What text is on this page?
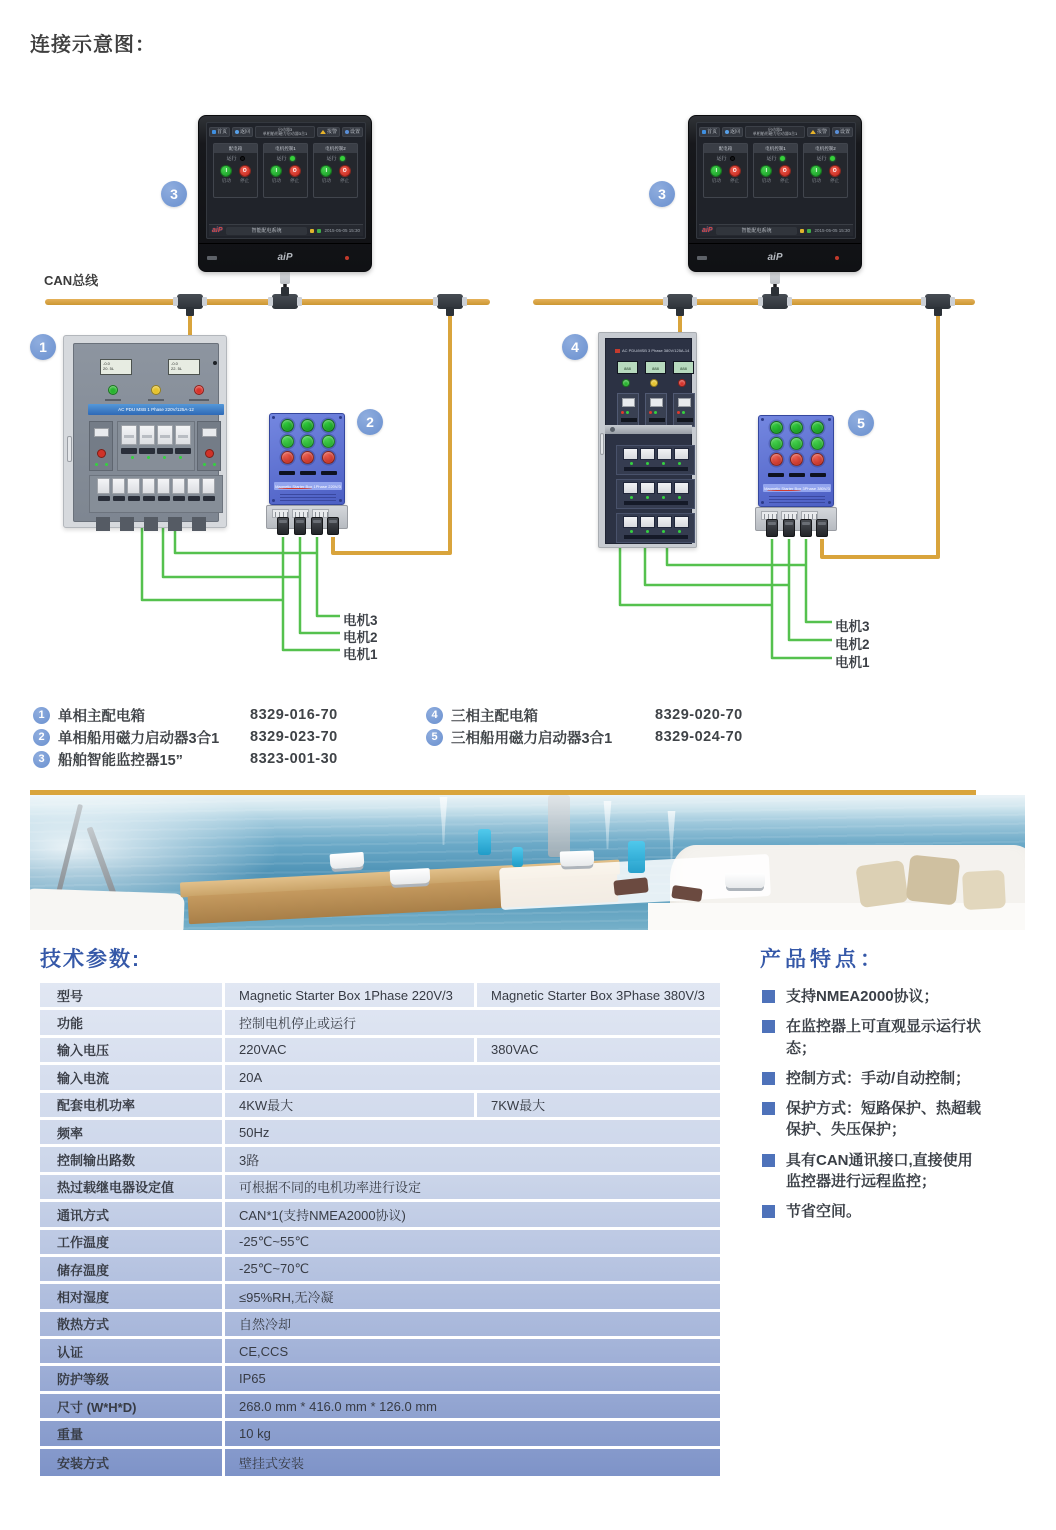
连接示意图：
CAN总线
首页	返回	启动器3
单相船用磁力启动器3合1	报警	设置
配电箱
运行
I
启动
O
停止
电机控制1
运行
I
启动
O
停止
电机控制2
运行
I
启动
O
停止
aiP	智能配电系统	2015-05-05 15:30
aiP
首页	返回	启动器3
单相船用磁力启动器3合1	报警	设置
配电箱
运行
I
启动
O
停止
电机控制1
运行
I
启动
O
停止
电机控制2
运行
I
启动
O
停止
aiP	智能配电系统	2015-05-05 15:30
aiP
-0.0
20. 5L
-0.0
22. 5L
AC PDU MSB 1 Phase 220V/125A-12
AC PDU/MSB 3 Phase 380V/125A-14
888	888	888
Magnetic Starter Box 1Phase 220V/3	Magnetic Starter Box 3Phase 380V/3
1
2
3	3
4
5
电机3
电机2
电机1
电机3
电机2
电机1
1 单相主配电箱	8329-016-70
2 单相船用磁力启动器3合1 8329-023-70
3 船舶智能监控器15”	8323-001-30
4 三相主配电箱	8329-020-70
5 三相船用磁力启动器3合1	8329-024-70
技术参数:
型号	Magnetic Starter Box 1Phase 220V/3	Magnetic Starter Box 3Phase 380V/3
功能	控制电机停止或运行
输入电压	220VAC	380VAC
输入电流	20A
配套电机功率	4KW最大	7KW最大
频率	50Hz
控制输出路数	3路
热过载继电器设定值	可根据不同的电机功率进行设定
通讯方式	CAN*1(支持NMEA2000协议)
工作温度	-25℃~55℃
储存温度	-25℃~70℃
相对湿度	≤95%RH,无冷凝
散热方式	自然冷却
认证	CE,CCS
防护等级	IP65
尺寸 (W*H*D)	268.0 mm * 416.0 mm * 126.0 mm
重量	10 kg
安装方式	壁挂式安装
产品特点：
支持NMEA2000协议；
在监控器上可直观显示运行状态；
控制方式：手动/自动控制；
保护方式：短路保护、热超载保护、失压保护；
具有CAN通讯接口,直接使用监控器进行远程监控；
节省空间。
